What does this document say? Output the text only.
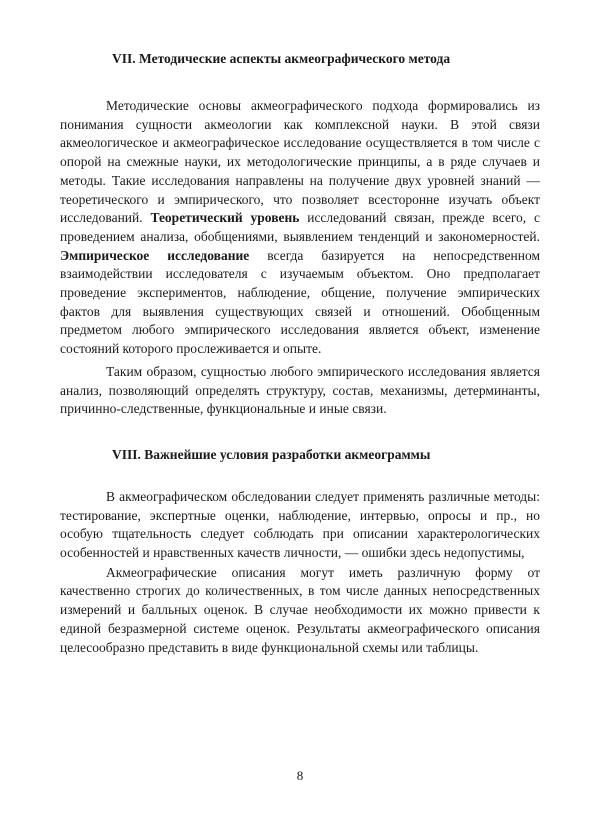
VII. Методические аспекты акмеографического метода

Методические основы акмеографического подхода формировались из понимания сущности акмеологии как комплексной науки. В этой связи акмеологическое и акмеографическое исследование осуществляется в том числе с опорой на смежные науки, их методологические принципы, а в ряде случаев и методы. Такие исследования направлены на получение двух уровней знаний — теоретического и эмпирического, что позволяет всесторонне изучать объект исследований. Теоретический уровень исследований связан, прежде всего, с проведением анализа, обобщениями, выявлением тенденций и закономерностей. Эмпирическое исследование всегда базируется на непосредственном взаимодействии исследователя с изучаемым объектом. Оно предполагает проведение экспериментов, наблюдение, общение, получение эмпирических фактов для выявления существующих связей и отношений. Обобщенным предметом любого эмпирического исследования является объект, изменение состояний которого прослеживается и опыте.

Таким образом, сущностью любого эмпирического исследования является анализ, позволяющий определять структуру, состав, механизмы, детерминанты, причинно-следственные, функциональные и иные связи.

VIII. Важнейшие условия разработки акмеограммы

В акмеографическом обследовании следует применять различные методы: тестирование, экспертные оценки, наблюдение, интервью, опросы и пр., но особую тщательность следует соблюдать при описании характерологических особенностей и нравственных качеств личности, — ошибки здесь недопустимы,

Акмеографические описания могут иметь различную форму от качественно строгих до количественных, в том числе данных непосредственных измерений и балльных оценок. В случае необходимости их можно привести к единой безразмерной системе оценок. Результаты акмеографического описания целесообразно представить в виде функциональной схемы или таблицы.

8
